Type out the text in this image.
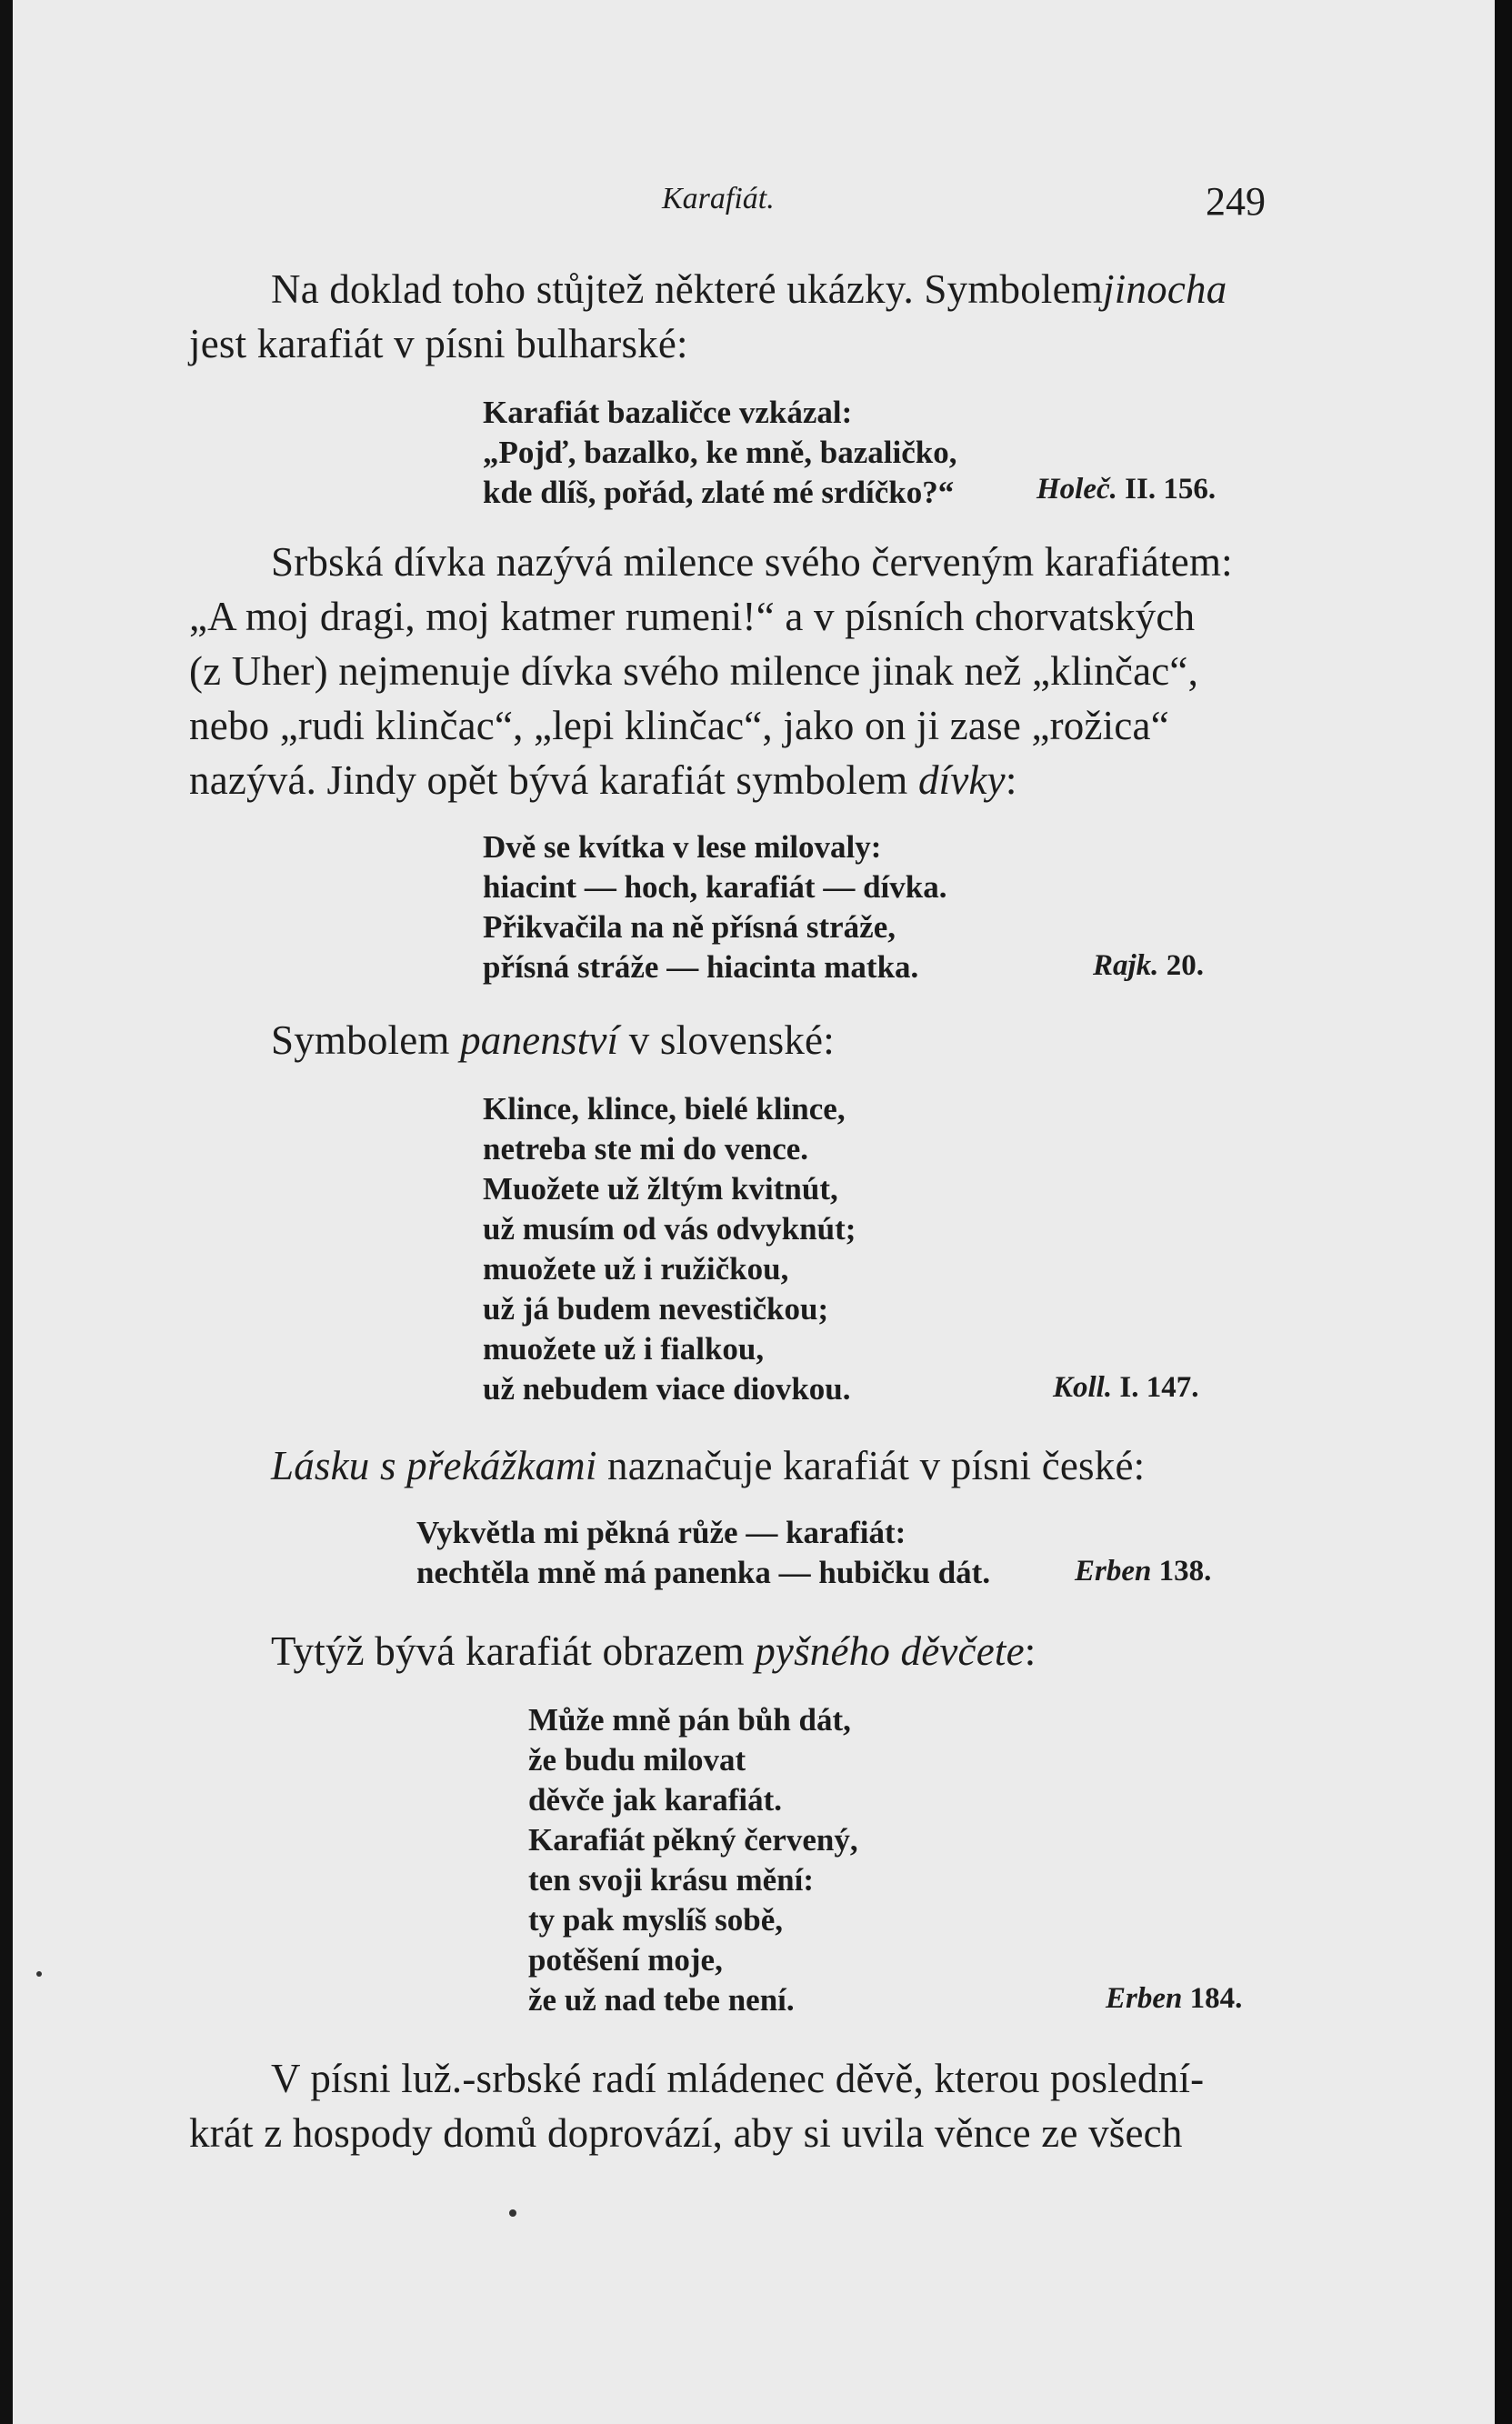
Karafiát.	249
Na doklad toho stůjtež některé ukázky. Symbolemjinocha
jest karafiát v písni bulharské:
Karafiát bazaličce vzkázal:
„Pojď, bazalko, ke mně, bazaličko,
kde dlíš, pořád, zlaté mé srdíčko?“	Holeč. II. 156.
Srbská dívka nazývá milence svého červeným karafiátem:
„A moj dragi, moj katmer rumeni!“ a v písních chorvatských
(z Uher) nejmenuje dívka svého milence jinak než „klinčac“,
nebo „rudi klinčac“, „lepi klinčac“, jako on ji zase „rožica“
nazývá. Jindy opět bývá karafiát symbolem dívky:
Dvě se kvítka v lese milovaly:
hiacint — hoch, karafiát — dívka.
Přikvačila na ně přísná stráže,
přísná stráže — hiacinta matka.	Rajk. 20.
Symbolem panenství v slovenské:
Klince, klince, bielé klince,
netreba ste mi do vence.
Muožete už žltým kvitnút,
už musím od vás odvyknút;
muožete už i ružičkou,
už já budem nevestičkou;
muožete už i fialkou,
už nebudem viace diovkou.	Koll. I. 147.
Lásku s překážkami naznačuje karafiát v písni české:
Vykvětla mi pěkná růže — karafiát:
nechtěla mně má panenka — hubičku dát.	Erben 138.
Tytýž bývá karafiát obrazem pyšného děvčete:
Může mně pán bůh dát,
že budu milovat
děvče jak karafiát.
Karafiát pěkný červený,
ten svoji krásu mění:
ty pak myslíš sobě,
potěšení moje,
že už nad tebe není.	Erben 184.
V písni luž.-srbské radí mládenec děvě, kterou poslední-
krát z hospody domů doprovází, aby si uvila věnce ze všech
